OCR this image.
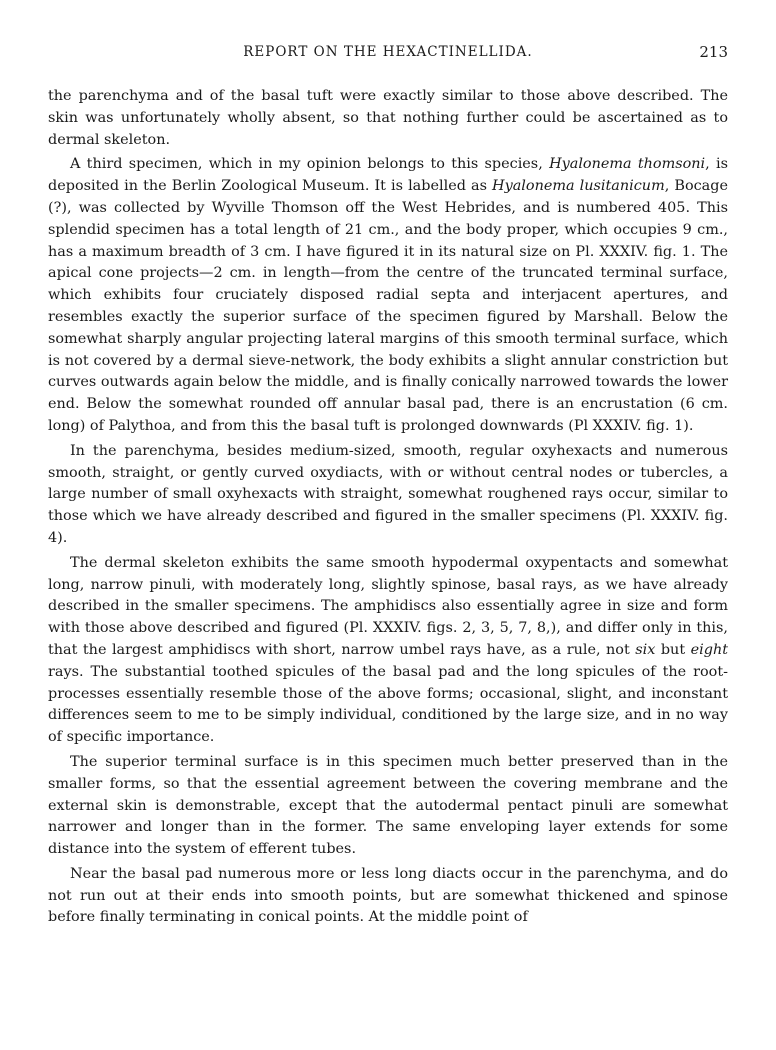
REPORT ON THE HEXACTINELLIDA.	213

the parenchyma and of the basal tuft were exactly similar to those above described. The skin was unfortunately wholly absent, so that nothing further could be ascertained as to dermal skeleton.

A third specimen, which in my opinion belongs to this species, Hyalonema thomsoni, is deposited in the Berlin Zoological Museum. It is labelled as Hyalonema lusitanicum, Bocage (?), was collected by Wyville Thomson off the West Hebrides, and is numbered 405. This splendid specimen has a total length of 21 cm., and the body proper, which occupies 9 cm., has a maximum breadth of 3 cm. I have figured it in its natural size on Pl. XXXIV. fig. 1. The apical cone projects—2 cm. in length—from the centre of the truncated terminal surface, which exhibits four cruciately disposed radial septa and interjacent apertures, and resembles exactly the superior surface of the specimen figured by Marshall. Below the somewhat sharply angular projecting lateral margins of this smooth terminal surface, which is not covered by a dermal sieve-network, the body exhibits a slight annular constriction but curves outwards again below the middle, and is finally conically narrowed towards the lower end. Below the somewhat rounded off annular basal pad, there is an encrustation (6 cm. long) of Palythoa, and from this the basal tuft is prolonged downwards (Pl XXXIV. fig. 1).

In the parenchyma, besides medium-sized, smooth, regular oxyhexacts and numerous smooth, straight, or gently curved oxydiacts, with or without central nodes or tubercles, a large number of small oxyhexacts with straight, somewhat roughened rays occur, similar to those which we have already described and figured in the smaller specimens (Pl. XXXIV. fig. 4).

The dermal skeleton exhibits the same smooth hypodermal oxypentacts and somewhat long, narrow pinuli, with moderately long, slightly spinose, basal rays, as we have already described in the smaller specimens. The amphidiscs also essentially agree in size and form with those above described and figured (Pl. XXXIV. figs. 2, 3, 5, 7, 8,), and differ only in this, that the largest amphidiscs with short, narrow umbel rays have, as a rule, not six but eight rays. The substantial toothed spicules of the basal pad and the long spicules of the root-processes essentially resemble those of the above forms; occasional, slight, and inconstant differences seem to me to be simply individual, conditioned by the large size, and in no way of specific importance.

The superior terminal surface is in this specimen much better preserved than in the smaller forms, so that the essential agreement between the covering membrane and the external skin is demonstrable, except that the autodermal pentact pinuli are somewhat narrower and longer than in the former. The same enveloping layer extends for some distance into the system of efferent tubes.

Near the basal pad numerous more or less long diacts occur in the parenchyma, and do not run out at their ends into smooth points, but are somewhat thickened and spinose before finally terminating in conical points. At the middle point of
